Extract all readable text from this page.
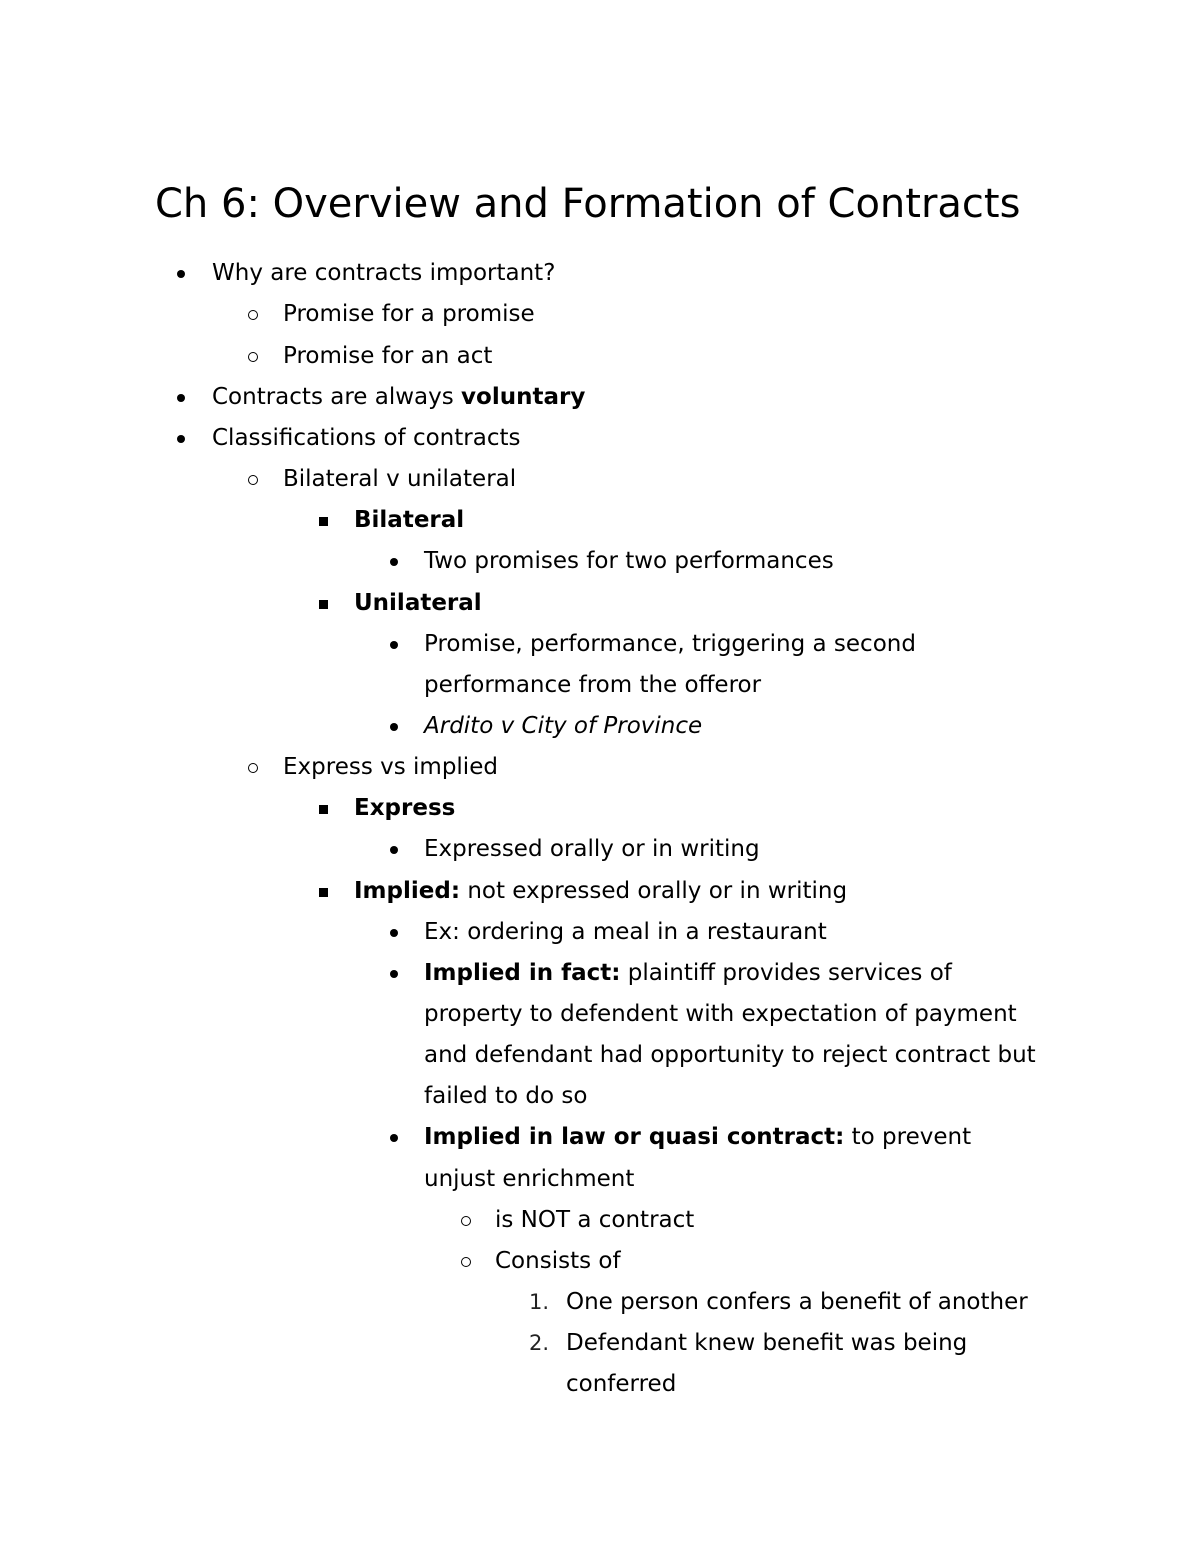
Ch 6: Overview and Formation of Contracts
Why are contracts important?
Promise for a promise
Promise for an act
Contracts are always voluntary
Classifications of contracts
Bilateral v unilateral
Bilateral
Two promises for two performances
Unilateral
Promise, performance, triggering a second
performance from the offeror
Ardito v City of Province
Express vs implied
Express
Expressed orally or in writing
Implied: not expressed orally or in writing
Ex: ordering a meal in a restaurant
Implied in fact: plaintiff provides services of
property to defendent with expectation of payment
and defendant had opportunity to reject contract but
failed to do so
Implied in law or quasi contract: to prevent
unjust enrichment
is NOT a contract
Consists of
1. One person confers a benefit of another
2. Defendant knew benefit was being
conferred
